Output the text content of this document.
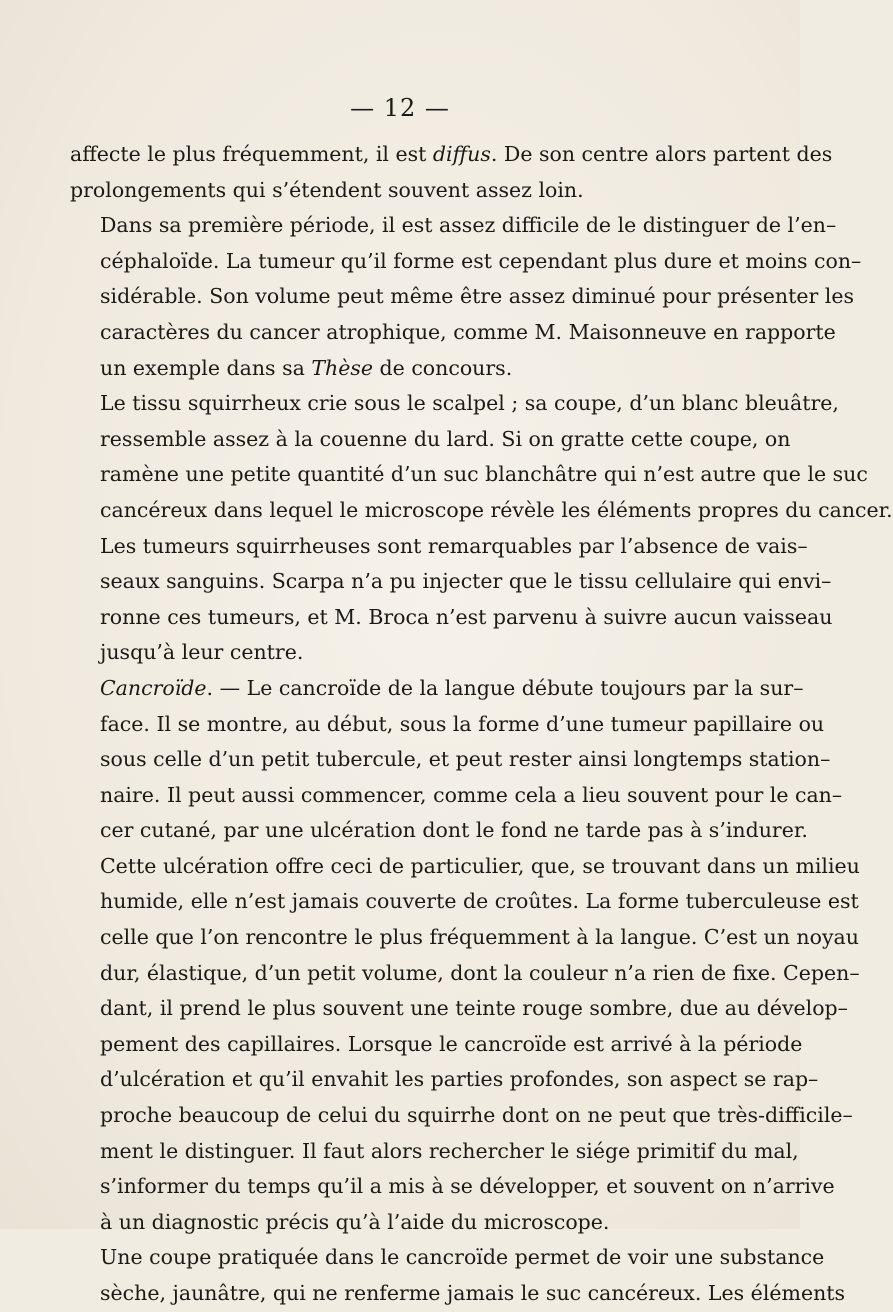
— 12 —

affecte le plus fréquemment, il est diffus. De son centre alors partent des
prolongements qui s’étendent souvent assez loin.

Dans sa première période, il est assez difficile de le distinguer de l’en–
céphaloïde. La tumeur qu’il forme est cependant plus dure et moins con–
sidérable. Son volume peut même être assez diminué pour présenter les
caractères du cancer atrophique, comme M. Maisonneuve en rapporte
un exemple dans sa Thèse de concours.

Le tissu squirrheux crie sous le scalpel ; sa coupe, d’un blanc bleuâtre,
ressemble assez à la couenne du lard. Si on gratte cette coupe, on
ramène une petite quantité d’un suc blanchâtre qui n’est autre que le suc
cancéreux dans lequel le microscope révèle les éléments propres du cancer.

Les tumeurs squirrheuses sont remarquables par l’absence de vais–
seaux sanguins. Scarpa n’a pu injecter que le tissu cellulaire qui envi–
ronne ces tumeurs, et M. Broca n’est parvenu à suivre aucun vaisseau
jusqu’à leur centre.

Cancroïde. — Le cancroïde de la langue débute toujours par la sur–
face. Il se montre, au début, sous la forme d’une tumeur papillaire ou
sous celle d’un petit tubercule, et peut rester ainsi longtemps station–
naire. Il peut aussi commencer, comme cela a lieu souvent pour le can–
cer cutané, par une ulcération dont le fond ne tarde pas à s’indurer.
Cette ulcération offre ceci de particulier, que, se trouvant dans un milieu
humide, elle n’est jamais couverte de croûtes. La forme tuberculeuse est
celle que l’on rencontre le plus fréquemment à la langue. C’est un noyau
dur, élastique, d’un petit volume, dont la couleur n’a rien de fixe. Cepen–
dant, il prend le plus souvent une teinte rouge sombre, due au dévelop–
pement des capillaires. Lorsque le cancroïde est arrivé à la période
d’ulcération et qu’il envahit les parties profondes, son aspect se rap–
proche beaucoup de celui du squirrhe dont on ne peut que très-difficile–
ment le distinguer. Il faut alors rechercher le siége primitif du mal,
s’informer du temps qu’il a mis à se développer, et souvent on n’arrive
à un diagnostic précis qu’à l’aide du microscope.

Une coupe pratiquée dans le cancroïde permet de voir une substance
sèche, jaunâtre, qui ne renferme jamais le suc cancéreux. Les éléments
